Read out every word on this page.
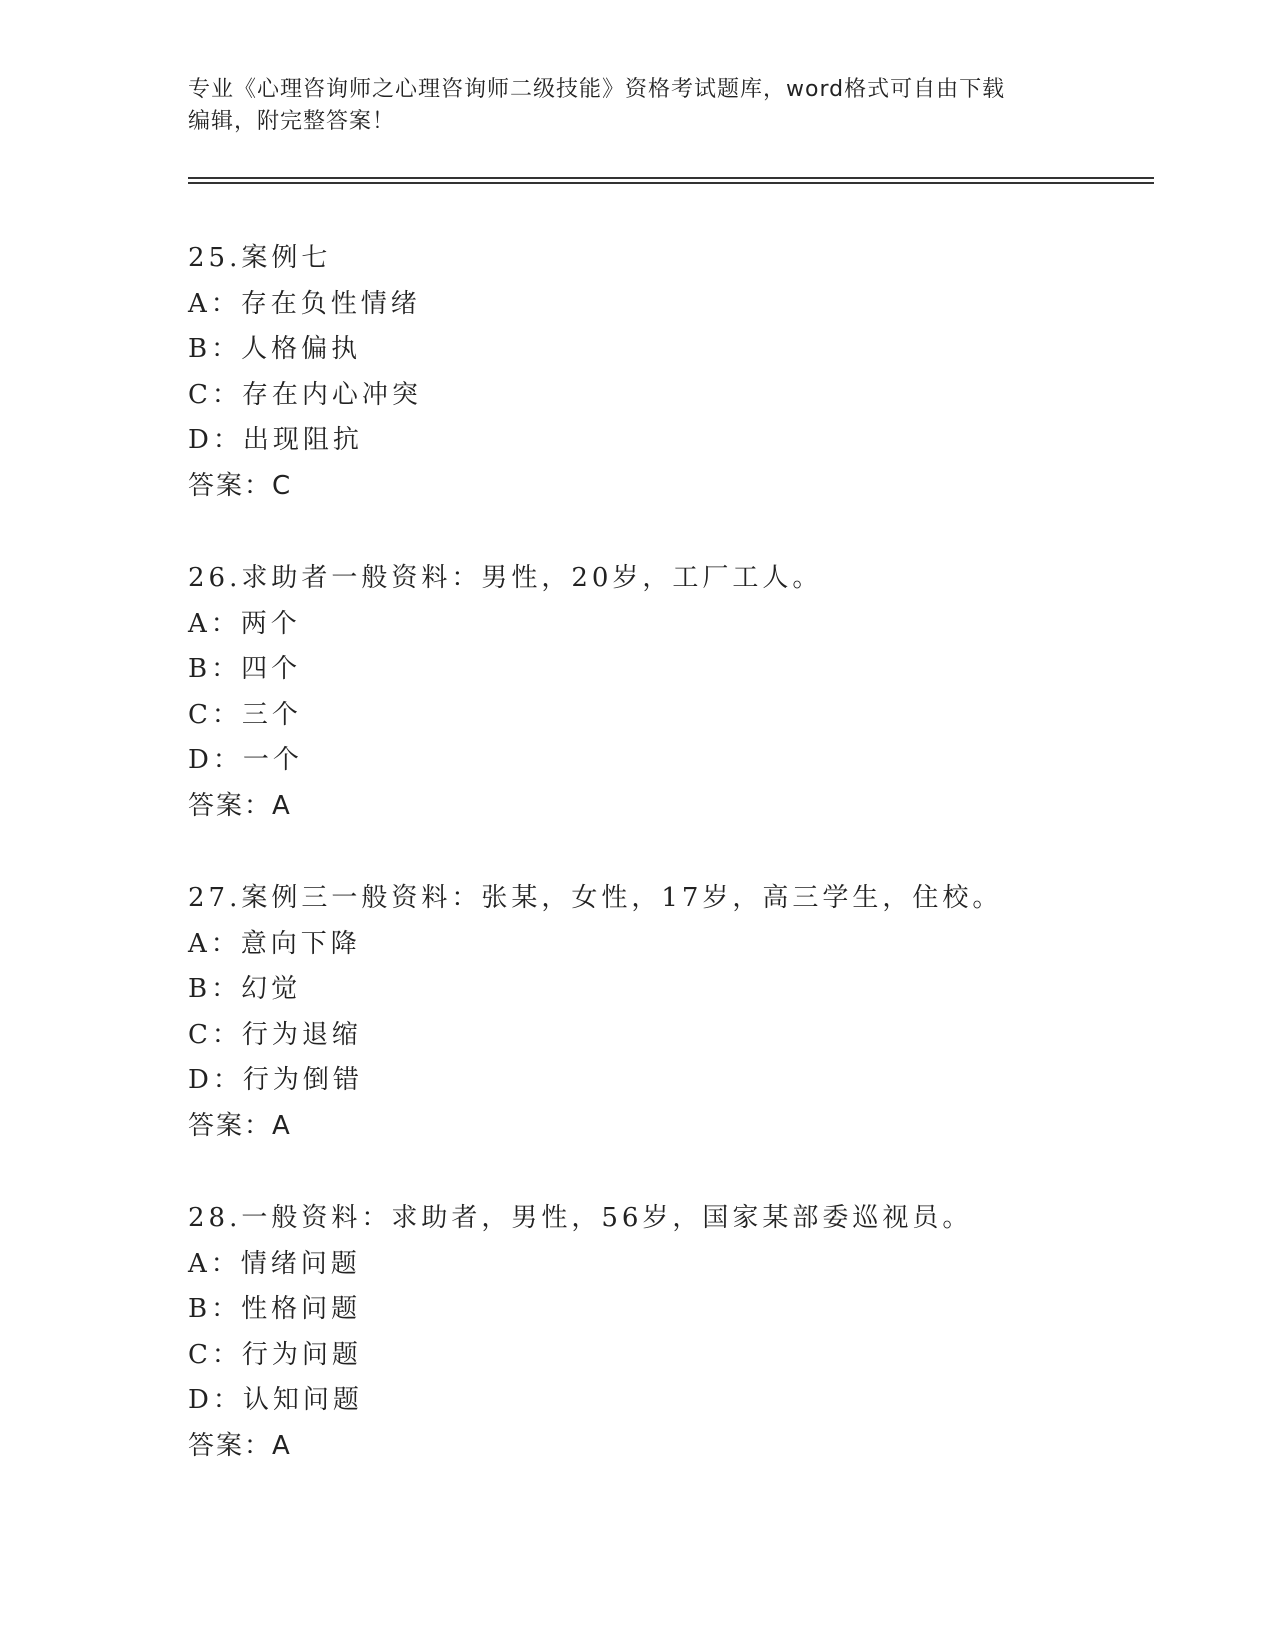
专业《心理咨询师之心理咨询师二级技能》资格考试题库，word格式可自由下载
编辑，附完整答案！
25.案例七
A：存在负性情绪
B：人格偏执
C：存在内心冲突
D：出现阻抗
答案：C
26.求助者一般资料：男性，20岁，工厂工人。
A：两个
B：四个
C：三个
D：一个
答案：A
27.案例三一般资料：张某，女性，17岁，高三学生，住校。
A：意向下降
B：幻觉
C：行为退缩
D：行为倒错
答案：A
28.一般资料：求助者，男性，56岁，国家某部委巡视员。
A：情绪问题
B：性格问题
C：行为问题
D：认知问题
答案：A
